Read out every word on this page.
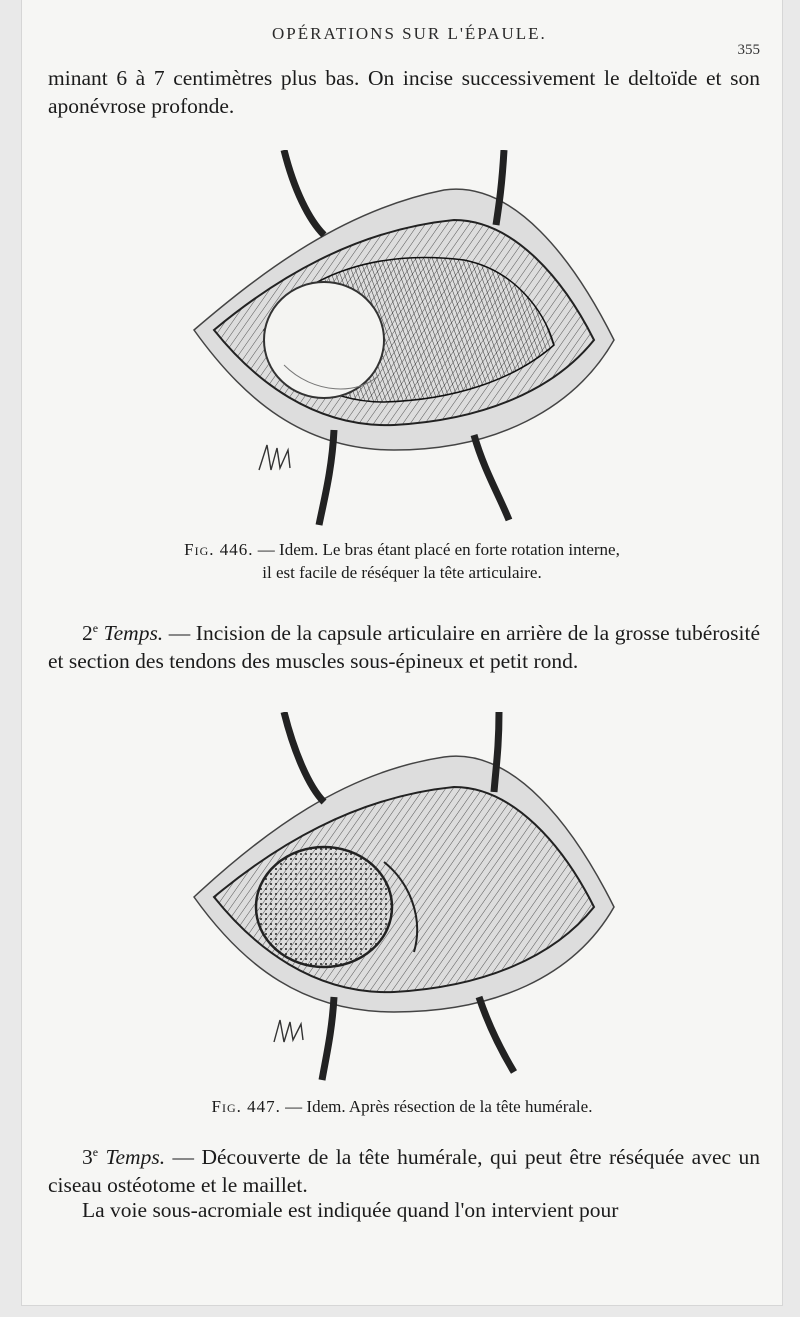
OPÉRATIONS SUR L'ÉPAULE.
355

minant 6 à 7 centimètres plus bas. On incise successivement le deltoïde et son aponévrose profonde.

Fig. 446. — Idem. Le bras étant placé en forte rotation interne,
il est facile de réséquer la tête articulaire.

2e Temps. — Incision de la capsule articulaire en arrière de la grosse tubérosité et section des tendons des muscles sous-épineux et petit rond.

Fig. 447. — Idem. Après résection de la tête humérale.

3e Temps. — Découverte de la tête humérale, qui peut être réséquée avec un ciseau ostéotome et le maillet.

La voie sous-acromiale est indiquée quand l'on intervient pour
